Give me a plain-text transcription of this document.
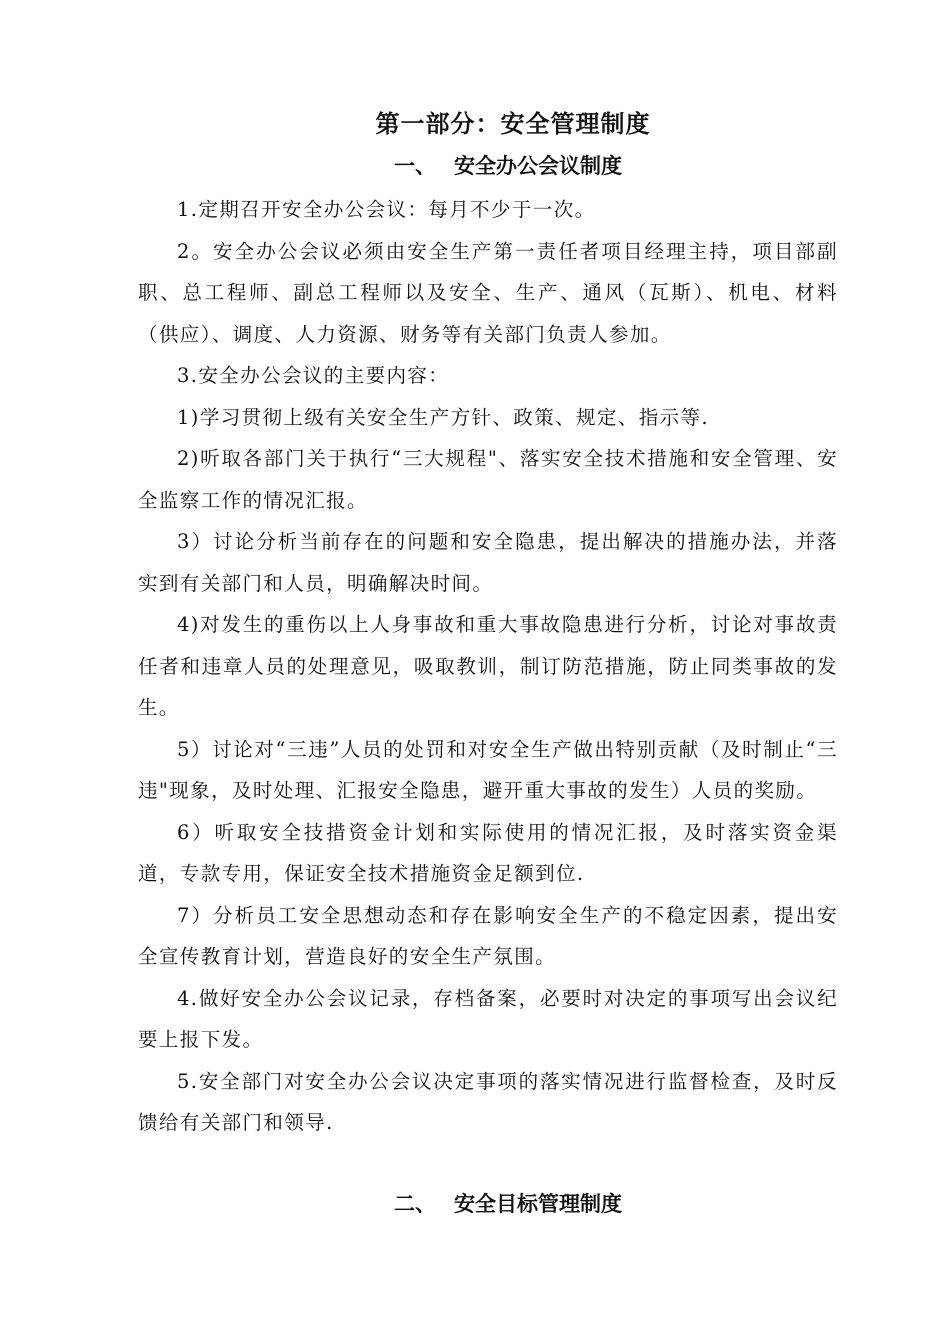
第一部分：安全管理制度
一、 安全办公会议制度

1.定期召开安全办公会议：每月不少于一次。

2。安全办公会议必须由安全生产第一责任者项目经理主持，项目部副职、总工程师、副总工程师以及安全、生产、通风（瓦斯）、机电、材料（供应）、调度、人力资源、财务等有关部门负责人参加。

3.安全办公会议的主要内容：

1)学习贯彻上级有关安全生产方针、政策、规定、指示等.

2)听取各部门关于执行“三大规程"、落实安全技术措施和安全管理、安全监察工作的情况汇报。

3）讨论分析当前存在的问题和安全隐患，提出解决的措施办法，并落实到有关部门和人员，明确解决时间。

4)对发生的重伤以上人身事故和重大事故隐患进行分析，讨论对事故责任者和违章人员的处理意见，吸取教训，制订防范措施，防止同类事故的发生。

5）讨论对“三违”人员的处罚和对安全生产做出特别贡献（及时制止“三违"现象，及时处理、汇报安全隐患，避开重大事故的发生）人员的奖励。

6）听取安全技措资金计划和实际使用的情况汇报，及时落实资金渠道，专款专用，保证安全技术措施资金足额到位.

7）分析员工安全思想动态和存在影响安全生产的不稳定因素，提出安全宣传教育计划，营造良好的安全生产氛围。

4.做好安全办公会议记录，存档备案，必要时对决定的事项写出会议纪要上报下发。

5.安全部门对安全办公会议决定事项的落实情况进行监督检查，及时反馈给有关部门和领导.

二、 安全目标管理制度
